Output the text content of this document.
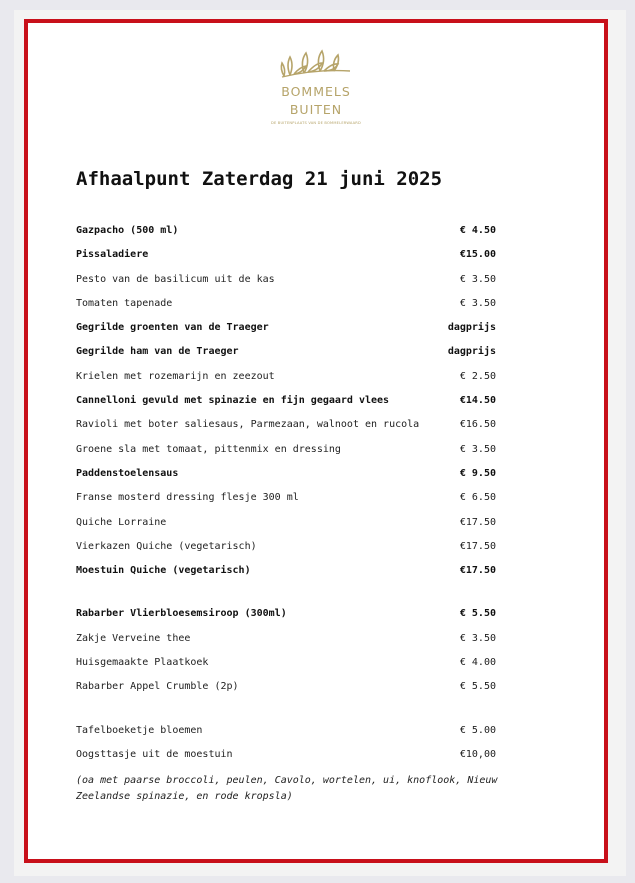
BOMMELS
BUITEN
DE BUITENPLAATS VAN DE BOMMELERWAARD
Afhaalpunt Zaterdag 21 juni 2025
Gazpacho (500 ml)	€ 4.50
Pissaladiere	€15.00
Pesto van de basilicum uit de kas	€ 3.50
Tomaten tapenade	€ 3.50
Gegrilde groenten van de Traeger	dagprijs
Gegrilde ham van de Traeger	dagprijs
Krielen met rozemarijn en zeezout	€ 2.50
Cannelloni gevuld met spinazie en fijn gegaard vlees	€14.50
Ravioli met boter saliesaus, Parmezaan, walnoot en rucola	€16.50
Groene sla met tomaat, pittenmix en dressing	€ 3.50
Paddenstoelensaus	€ 9.50
Franse mosterd dressing flesje 300 ml	€ 6.50
Quiche Lorraine	€17.50
Vierkazen Quiche (vegetarisch)	€17.50
Moestuin Quiche (vegetarisch)	€17.50
Rabarber Vlierbloesemsiroop (300ml)	€ 5.50
Zakje Verveine thee	€ 3.50
Huisgemaakte Plaatkoek	€ 4.00
Rabarber Appel Crumble (2p)	€ 5.50
Tafelboeketje bloemen	€ 5.00
Oogsttasje uit de moestuin	€10,00

(oa met paarse broccoli, peulen, Cavolo, wortelen, ui, knoflook, Nieuw Zeelandse spinazie, en rode kropsla)
